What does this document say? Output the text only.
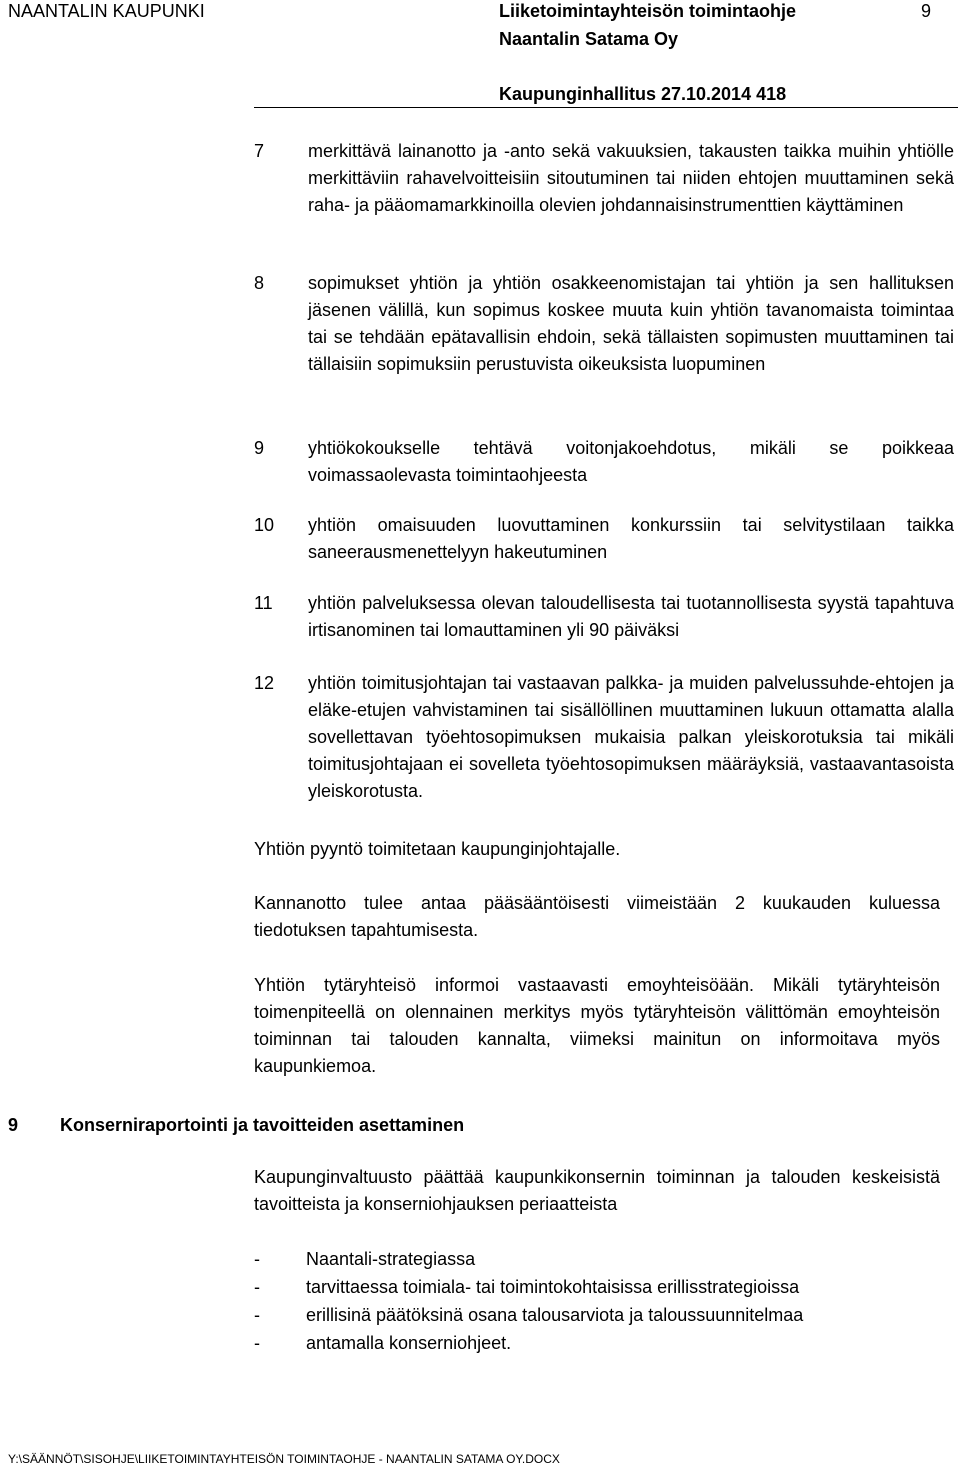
NAANTALIN KAUPUNKI	Liiketoimintayhteisön toimintaohje	9
Naantalin Satama Oy
Kaupunginhallitus 27.10.2014 418
7	merkittävä lainanotto ja -anto sekä vakuuksien, takausten taikka muihin yhtiölle merkittäviin rahavelvoitteisiin sitoutuminen tai niiden ehtojen muuttaminen sekä raha- ja pääomamarkkinoilla olevien johdannaisinstrumenttien käyttäminen
8	sopimukset yhtiön ja yhtiön osakkeenomistajan tai yhtiön ja sen hallituksen jäsenen välillä, kun sopimus koskee muuta kuin yhtiön tavanomaista toimintaa tai se tehdään epätavallisin ehdoin, sekä tällaisten sopimusten muuttaminen tai tällaisiin sopimuksiin perustuvista oikeuksista luopuminen
9	yhtiökokoukselle tehtävä voitonjakoehdotus, mikäli se poikkeaa voimassaolevasta toimintaohjeesta
10	yhtiön omaisuuden luovuttaminen konkurssiin tai selvitystilaan taikka saneerausmenettelyyn hakeutuminen
11	yhtiön palveluksessa olevan taloudellisesta tai tuotannollisesta syystä tapahtuva irtisanominen tai lomauttaminen yli 90 päiväksi
12	yhtiön toimitusjohtajan tai vastaavan palkka- ja muiden palvelussuhde-ehtojen ja eläke-etujen vahvistaminen tai sisällöllinen muuttaminen lukuun ottamatta alalla sovellettavan työehtosopimuksen mukaisia palkan yleiskorotuksia tai mikäli toimitusjohtajaan ei sovelleta työehtosopimuksen määräyksiä, vastaavantasoista yleiskorotusta.
Yhtiön pyyntö toimitetaan kaupunginjohtajalle.
Kannanotto tulee antaa pääsääntöisesti viimeistään 2 kuukauden kuluessa tiedotuksen tapahtumisesta.
Yhtiön tytäryhteisö informoi vastaavasti emoyhteisöään. Mikäli tytäryhteisön toimenpiteellä on olennainen merkitys myös tytäryhteisön välittömän emoyhteisön toiminnan tai talouden kannalta, viimeksi mainitun on informoitava myös kaupunkiemoa.
9 Konserniraportointi ja tavoitteiden asettaminen
Kaupunginvaltuusto päättää kaupunkikonsernin toiminnan ja talouden keskeisistä tavoitteista ja konserniohjauksen periaatteista
-	Naantali-strategiassa
-	tarvittaessa toimiala- tai toimintokohtaisissa erillisstrategioissa
-	erillisinä päätöksinä osana talousarviota ja taloussuunnitelmaa
-	antamalla konserniohjeet.
Y:\SÄÄNNÖT\SISOHJE\LIIKETOIMINTAYHTEISÖN TOIMINTAOHJE - NAANTALIN SATAMA OY.DOCX
